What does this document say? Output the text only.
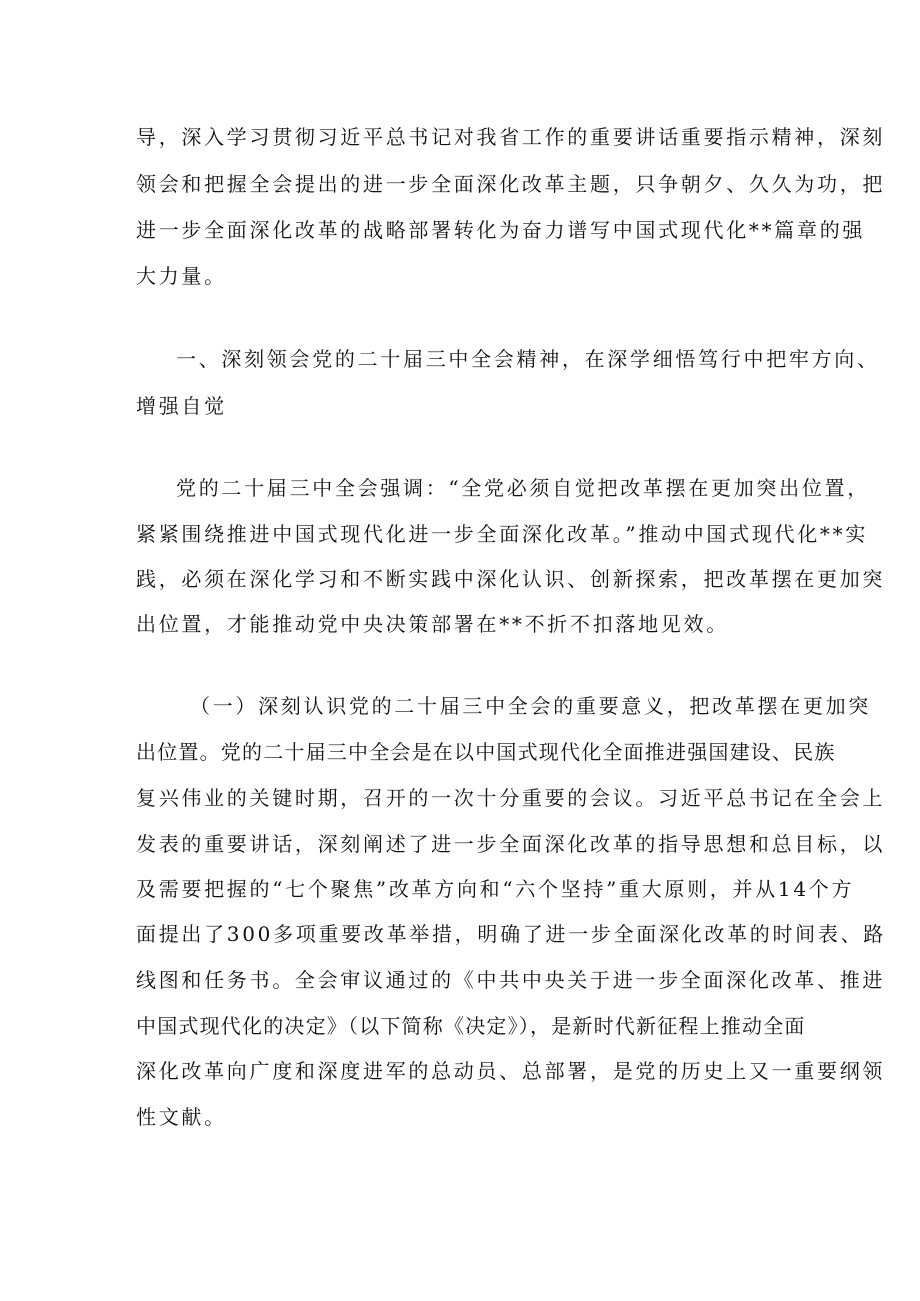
导，深入学习贯彻习近平总书记对我省工作的重要讲话重要指示精神，深刻
领会和把握全会提出的进一步全面深化改革主题，只争朝夕、久久为功，把
进一步全面深化改革的战略部署转化为奋力谱写中国式现代化**篇章的强
大力量。
一、深刻领会党的二十届三中全会精神，在深学细悟笃行中把牢方向、
增强自觉
党的二十届三中全会强调：“全党必须自觉把改革摆在更加突出位置，
紧紧围绕推进中国式现代化进一步全面深化改革。”推动中国式现代化**实
践，必须在深化学习和不断实践中深化认识、创新探索，把改革摆在更加突
出位置，才能推动党中央决策部署在**不折不扣落地见效。
（一）深刻认识党的二十届三中全会的重要意义，把改革摆在更加突
出位置。党的二十届三中全会是在以中国式现代化全面推进强国建设、民族
复兴伟业的关键时期，召开的一次十分重要的会议。习近平总书记在全会上
发表的重要讲话，深刻阐述了进一步全面深化改革的指导思想和总目标，以
及需要把握的“七个聚焦”改革方向和“六个坚持”重大原则，并从14个方
面提出了300多项重要改革举措，明确了进一步全面深化改革的时间表、路
线图和任务书。全会审议通过的《中共中央关于进一步全面深化改革、推进
中国式现代化的决定》（以下简称《决定》），是新时代新征程上推动全面
深化改革向广度和深度进军的总动员、总部署，是党的历史上又一重要纲领
性文献。
